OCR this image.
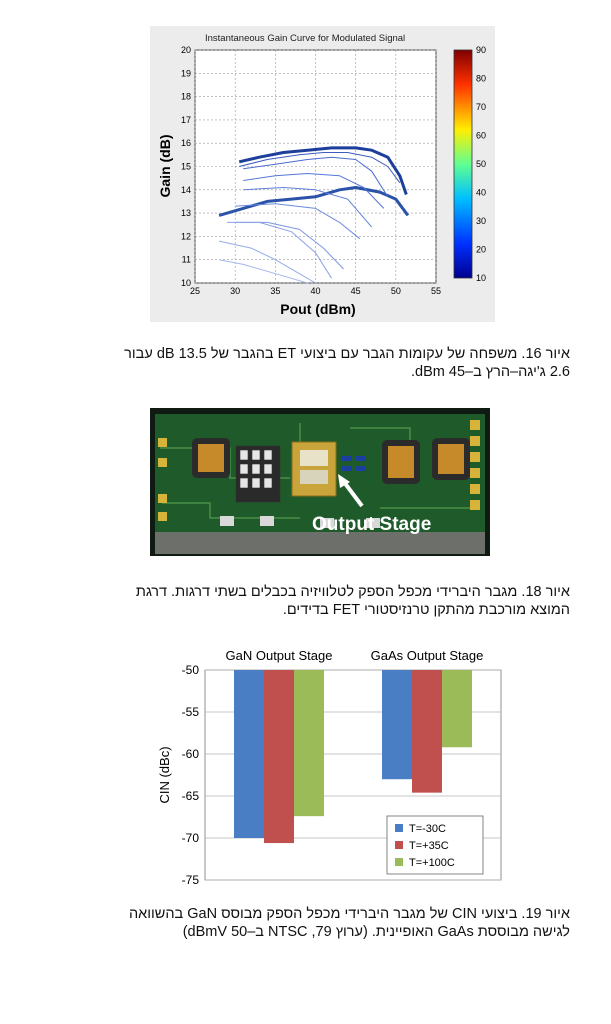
Instantaneous Gain Curve for Modulated Signal
25	30	35	40	45	50	55
10
11
12
13
14
15
16
17
18
19
20
Gain (dB)
Pout (dBm)
10
20
30
40
50
60
70
80
90
איור 16. משפחה של עקומות הגבר עם ביצועי ET בהגבר של 13.5 dB עבור
2.6 ג'יגה–הרץ ב–45 dBm.
Output Stage
איור 18. מגבר היברידי מכפל הספק לטלוויזיה בכבלים בשתי דרגות. דרגת
המוצא מורכבת מהתקן טרנזיסטורי FET בדידים.
-50
-55
-60
-65
-70
-75
GaN Output Stage	GaAs Output Stage
CIN (dBc)
T=-30C
T=+35C
T=+100C
איור 19. ביצועי CIN של מגבר היברידי מכפל הספק מבוסס GaN בהשוואה
לגישה מבוססת GaAs האופיינית. (ערוץ 79, NTSC ב–50 dBmV)
